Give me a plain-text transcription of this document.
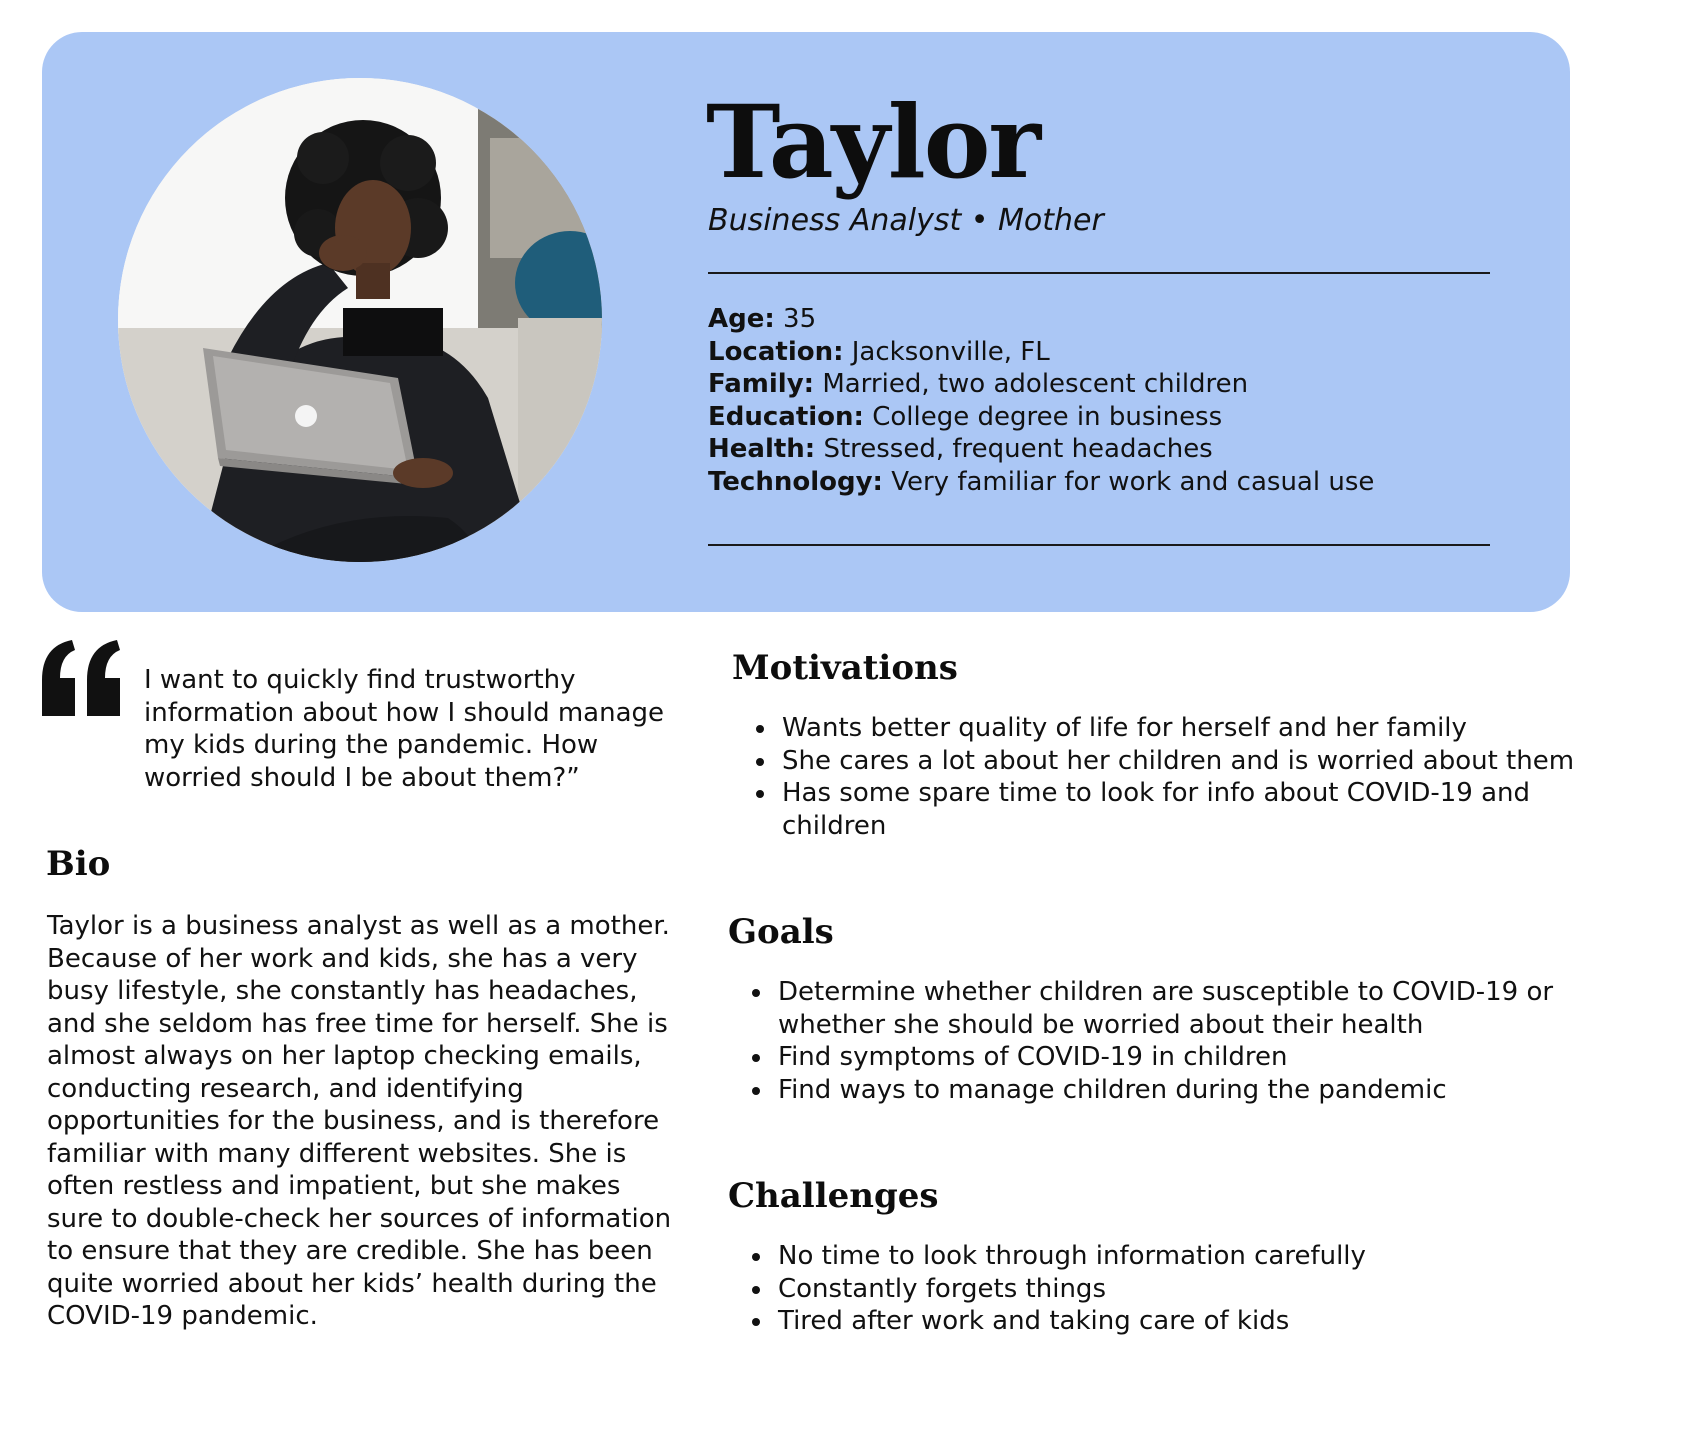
Taylor
Business Analyst • Mother
Age: 35
Location: Jacksonville, FL
Family: Married, two adolescent children
Education: College degree in business
Health: Stressed, frequent headaches
Technology: Very familiar for work and casual use
I want to quickly find trustworthy information about how I should manage my kids during the pandemic. How worried should I be about them?”
Bio

Taylor is a business analyst as well as a mother. Because of her work and kids, she has a very busy lifestyle, she constantly has headaches, and she seldom has free time for herself. She is almost always on her laptop checking emails, conducting research, and identifying opportunities for the business, and is therefore familiar with many different websites. She is often restless and impatient, but she makes sure to double-check her sources of information to ensure that they are credible. She has been quite worried about her kids’ health during the COVID-19 pandemic.

Motivations
• Wants better quality of life for herself and her family
• She cares a lot about her children and is worried about them
• Has some spare time to look for info about COVID-19 and children
Goals
• Determine whether children are susceptible to COVID-19 or whether she should be worried about their health
• Find symptoms of COVID-19 in children
• Find ways to manage children during the pandemic
Challenges
• No time to look through information carefully
• Constantly forgets things
• Tired after work and taking care of kids
